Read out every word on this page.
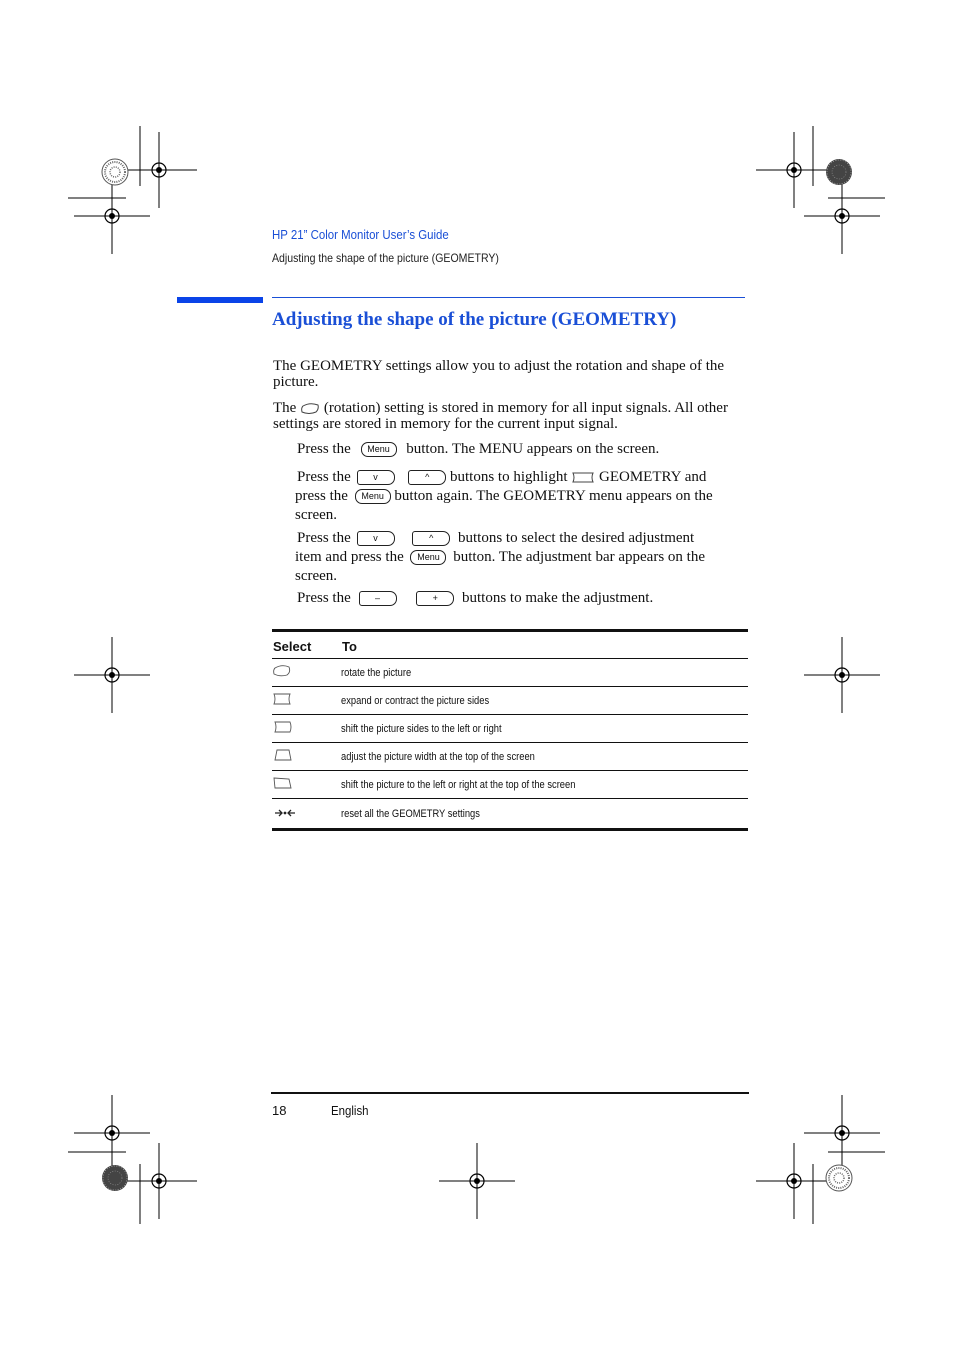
HP 21” Color Monitor User’s Guide
Adjusting the shape of the picture (GEOMETRY)
Adjusting the shape of the picture (GEOMETRY)
The GEOMETRY settings allow you to adjust the rotation and shape of the picture.
The (rotation) setting is stored in memory for all input signals. All other settings are stored in memory for the current input signal.
Press the Menu button. The MENU appears on the screen.
Press the	v	^ buttons to highlight GEOMETRY and
press the Menu button again. The GEOMETRY menu appears on the screen.
Press the	v	^ buttons to select the desired adjustment
item and press the Menu button. The adjustment bar appears on the screen.
Press the	–	+ buttons to make the adjustment.
Select	To
	rotate the picture
	expand or contract the picture sides
	shift the picture sides to the left or right
	adjust the picture width at the top of the screen
	shift the picture to the left or right at the top of the screen
	reset all the GEOMETRY settings
18	English
